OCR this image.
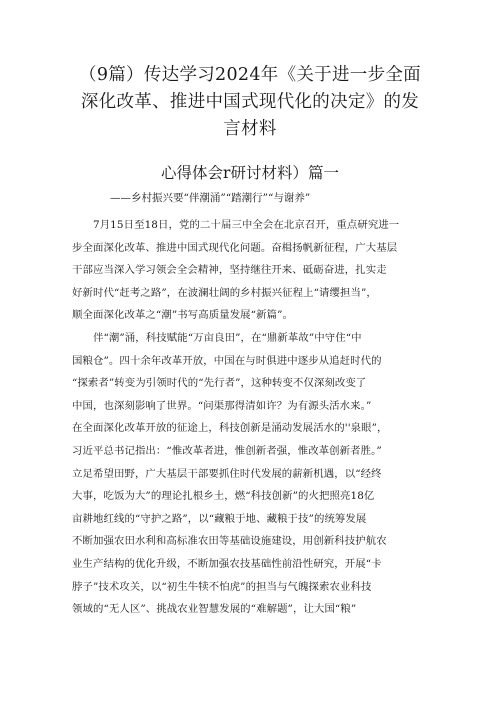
（9篇）传达学习2024年《关于进一步全面
深化改革、推进中国式现代化的决定》的发
言材料
心得体会r研讨材料）篇一

——乡村振兴要“伴潮涌”“踏潮行”“与谢养”

　　7月15日至18日，党的二十届三中全会在北京召开，重点研究进一
步全面深化改革、推进中国式现代化问题。奋楫扬帆新征程，广大基层
干部应当深入学习领会全会精神，坚持继往开来、砥砺奋进，扎实走
好新时代“赶考之路”，在波澜壮阔的乡村振兴征程上“请缨担当”，
顺全面深化改革之“潮”书写高质量发展“新篇”。
　　伴“潮”涌，科技赋能“万亩良田”，在“鼎新革故”中守住“中
国粮仓”。四十余年改革开放，中国在与时俱进中逐步从追赶时代的
“探索者”转变为引领时代的“先行者”，这种转变不仅深刻改变了
中国，也深刻影响了世界。“问渠那得清如许？为有源头活水来。”
在全面深化改革开放的征途上，科技创新是涌动发展活水的''泉眼”，
习近平总书记指出：“惟改革者进，惟创新者强，惟改革创新者胜。”
立足希望田野，广大基层干部要抓住时代发展的薪新机遇，以“经终
大事，吃饭为大”的理论扎根乡土，燃“科技创新”的火把照亮18亿
亩耕地红线的“守护之路”，以“藏粮于地、藏粮于技”的统筹发展
不断加强农田水利和高标准农田等基础设施建设，用创新科技护航农
业生产结构的优化升级，不断加强农技基础性前沿性研究，开展“卡
脖子”技术攻关，以“初生牛犊不怕虎”的担当与气魄探索农业科技
领域的“无人区”、挑战农业智慧发展的“难解题”，让大国“粮”
